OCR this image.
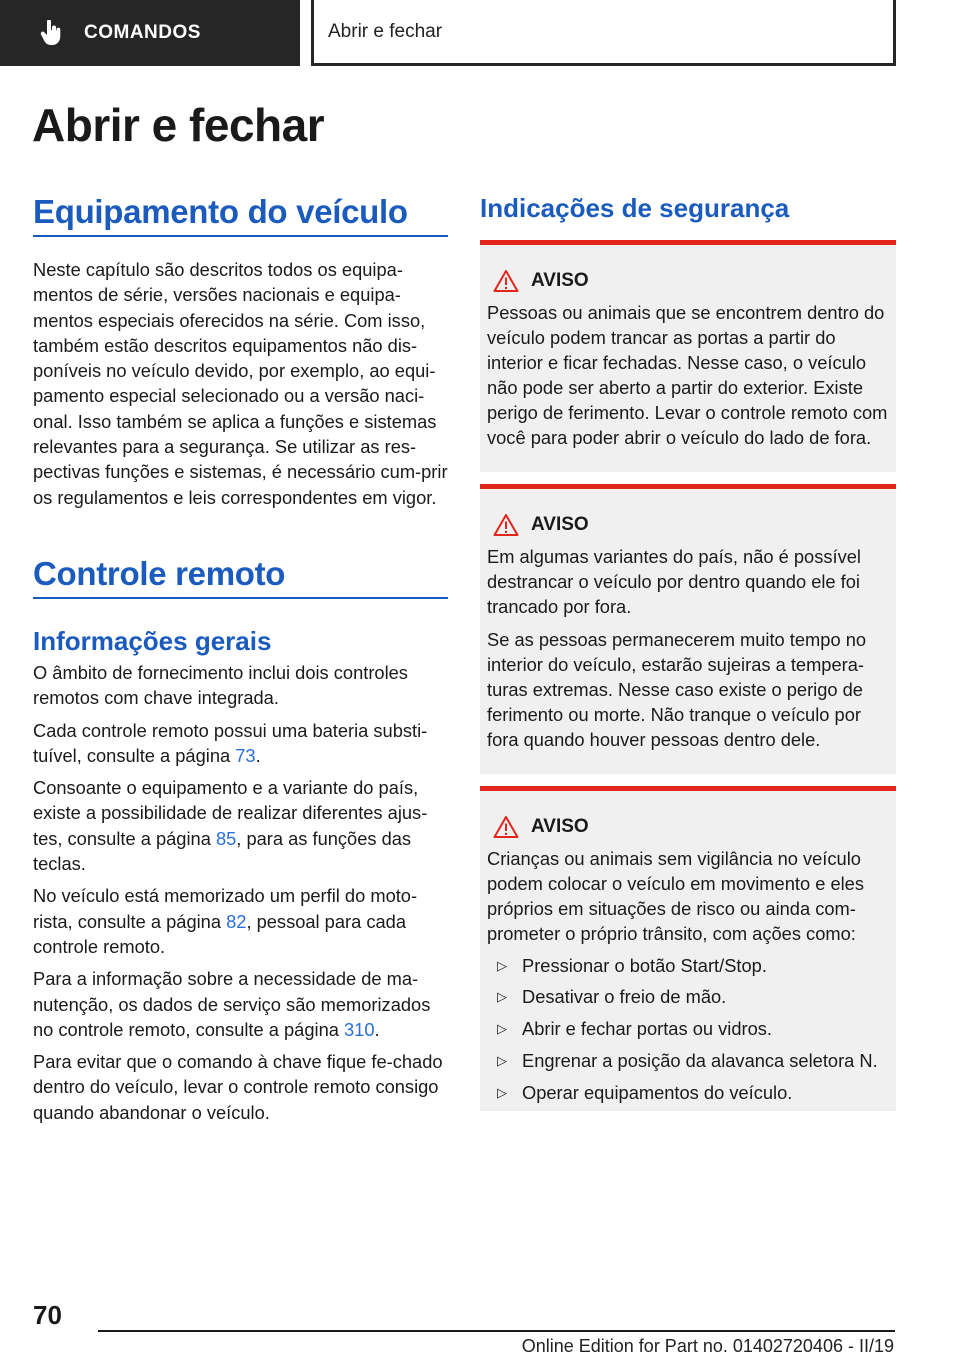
COMANDOS	Abrir e fechar
Abrir e fechar
Equipamento do veículo

Neste capítulo são descritos todos os equipa-mentos de série, versões nacionais e equipa-mentos especiais oferecidos na série. Com isso, também estão descritos equipamentos não dis-poníveis no veículo devido, por exemplo, ao equi-pamento especial selecionado ou a versão naci-onal. Isso também se aplica a funções e sistemas relevantes para a segurança. Se utilizar as res-pectivas funções e sistemas, é necessário cum-prir os regulamentos e leis correspondentes em vigor.

Controle remoto
Informações gerais

O âmbito de fornecimento inclui dois controles remotos com chave integrada.

Cada controle remoto possui uma bateria substi-tuível, consulte a página 73.

Consoante o equipamento e a variante do país, existe a possibilidade de realizar diferentes ajus-tes, consulte a página 85, para as funções das teclas.

No veículo está memorizado um perfil do moto-rista, consulte a página 82, pessoal para cada controle remoto.

Para a informação sobre a necessidade de ma-nutenção, os dados de serviço são memorizados no controle remoto, consulte a página 310.

Para evitar que o comando à chave fique fe-chado dentro do veículo, levar o controle remoto consigo quando abandonar o veículo.

Indicações de segurança
AVISO

Pessoas ou animais que se encontrem dentro do veículo podem trancar as portas a partir do interior e ficar fechadas. Nesse caso, o veículo não pode ser aberto a partir do exterior. Existe perigo de ferimento. Levar o controle remoto com você para poder abrir o veículo do lado de fora.

AVISO

Em algumas variantes do país, não é possível destrancar o veículo por dentro quando ele foi trancado por fora.

Se as pessoas permanecerem muito tempo no interior do veículo, estarão sujeiras a tempera-turas extremas. Nesse caso existe o perigo de ferimento ou morte. Não tranque o veículo por fora quando houver pessoas dentro dele.

AVISO

Crianças ou animais sem vigilância no veículo podem colocar o veículo em movimento e eles próprios em situações de risco ou ainda com-prometer o próprio trânsito, com ações como:

▷ Pressionar o botão Start/Stop.
▷ Desativar o freio de mão.
▷ Abrir e fechar portas ou vidros.
▷ Engrenar a posição da alavanca seletora N.
▷ Operar equipamentos do veículo.
70
Online Edition for Part no. 01402720406 - II/19
